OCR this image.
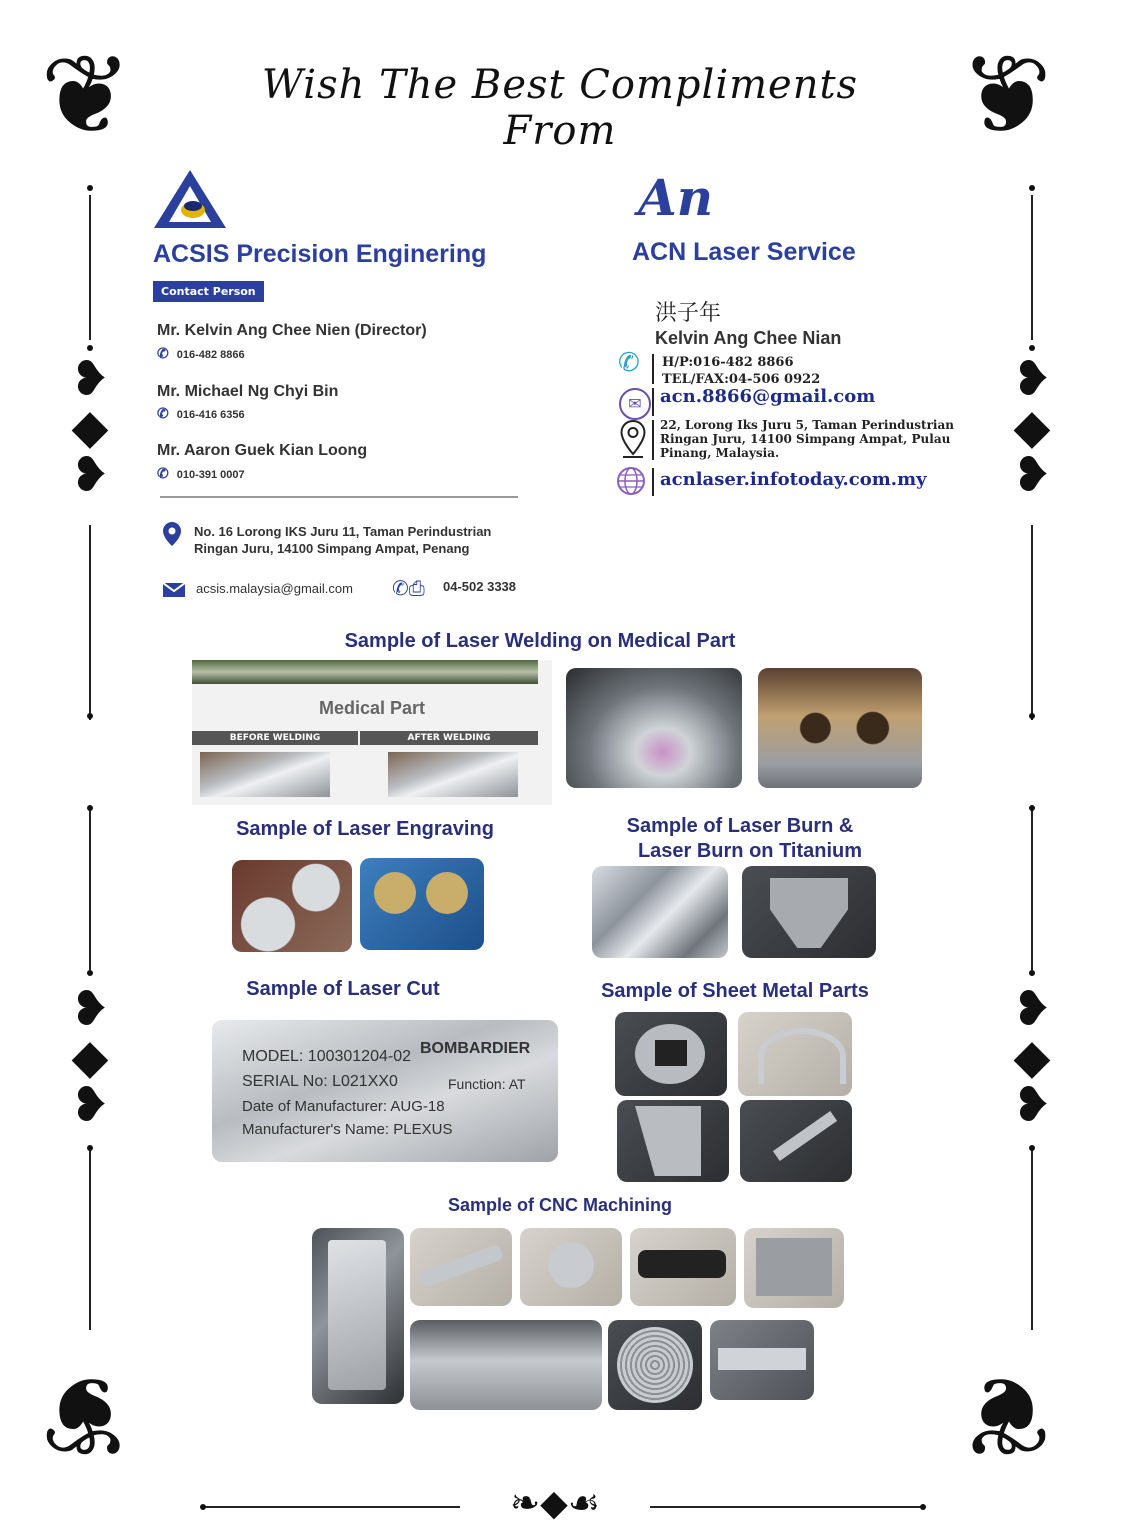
❦	❦
❦	❦
❥
◆
❥
❥
◆
❥
❥
◆
❥
❥
◆
❥
❧◆☙
Wish The Best Compliments From
ACSIS Precision Enginering
Contact Person
Mr. Kelvin Ang Chee Nien (Director)
✆ 016-482 8866
Mr. Michael Ng Chyi Bin
✆ 016-416 6356
Mr. Aaron Guek Kian Loong
✆ 010-391 0007
No. 16 Lorong IKS Juru 11, Taman Perindustrian
Ringan Juru, 14100 Simpang Ampat, Penang
acsis.malaysia@gmail.com ✆⎙ 04-502 3338
An
ACN Laser Service
洪子年
Kelvin Ang Chee Nian
✆ H/P:016-482 8866
TEL/FAX:04-506 0922
✉	acn.8866@gmail.com
22, Lorong Iks Juru 5, Taman Perindustrian
Ringan Juru, 14100 Simpang Ampat, Pulau
Pinang, Malaysia.
acnlaser.infotoday.com.my
Sample of Laser Welding on Medical Part
Medical Part
BEFORE WELDING	AFTER WELDING
Sample of Laser Engraving	Sample of Laser Burn &
Laser Burn on Titanium
Sample of Laser Cut
MODEL: 100301204-02
SERIAL No: L021XX0
Date of Manufacturer: AUG-18
Manufacturer's Name: PLEXUS
BOMBARDIER
Function: AT
Sample of Sheet Metal Parts
Sample of CNC Machining
